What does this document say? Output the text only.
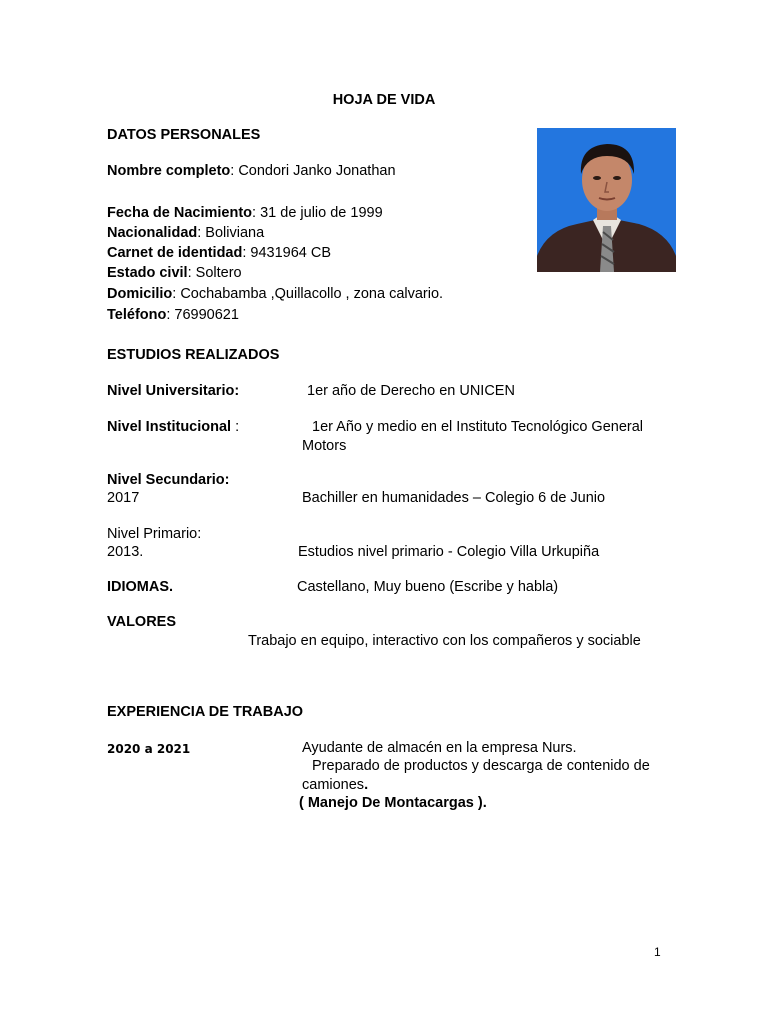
HOJA DE VIDA
DATOS PERSONALES
Nombre completo: Condori Janko Jonathan
Fecha de Nacimiento: 31 de julio de 1999
Nacionalidad: Boliviana
Carnet de identidad: 9431964 CB
Estado civil: Soltero
Domicilio: Cochabamba ,Quillacollo , zona calvario.
Teléfono: 76990621
ESTUDIOS REALIZADOS
Nivel Universitario:	1er año de Derecho en UNICEN
Nivel Institucional :	1er Año y medio en el Instituto Tecnológico General
Motors
Nivel Secundario:
2017	Bachiller en humanidades – Colegio 6 de Junio
Nivel Primario:
2013.	Estudios nivel primario - Colegio Villa Urkupiña
IDIOMAS.	Castellano, Muy bueno (Escribe y habla)
VALORES
Trabajo en equipo, interactivo con los compañeros y sociable
EXPERIENCIA DE TRABAJO
2020 a 2021	Ayudante de almacén en la empresa Nurs.
Preparado de productos y descarga de contenido de
camiones.
( Manejo De Montacargas ).
1
